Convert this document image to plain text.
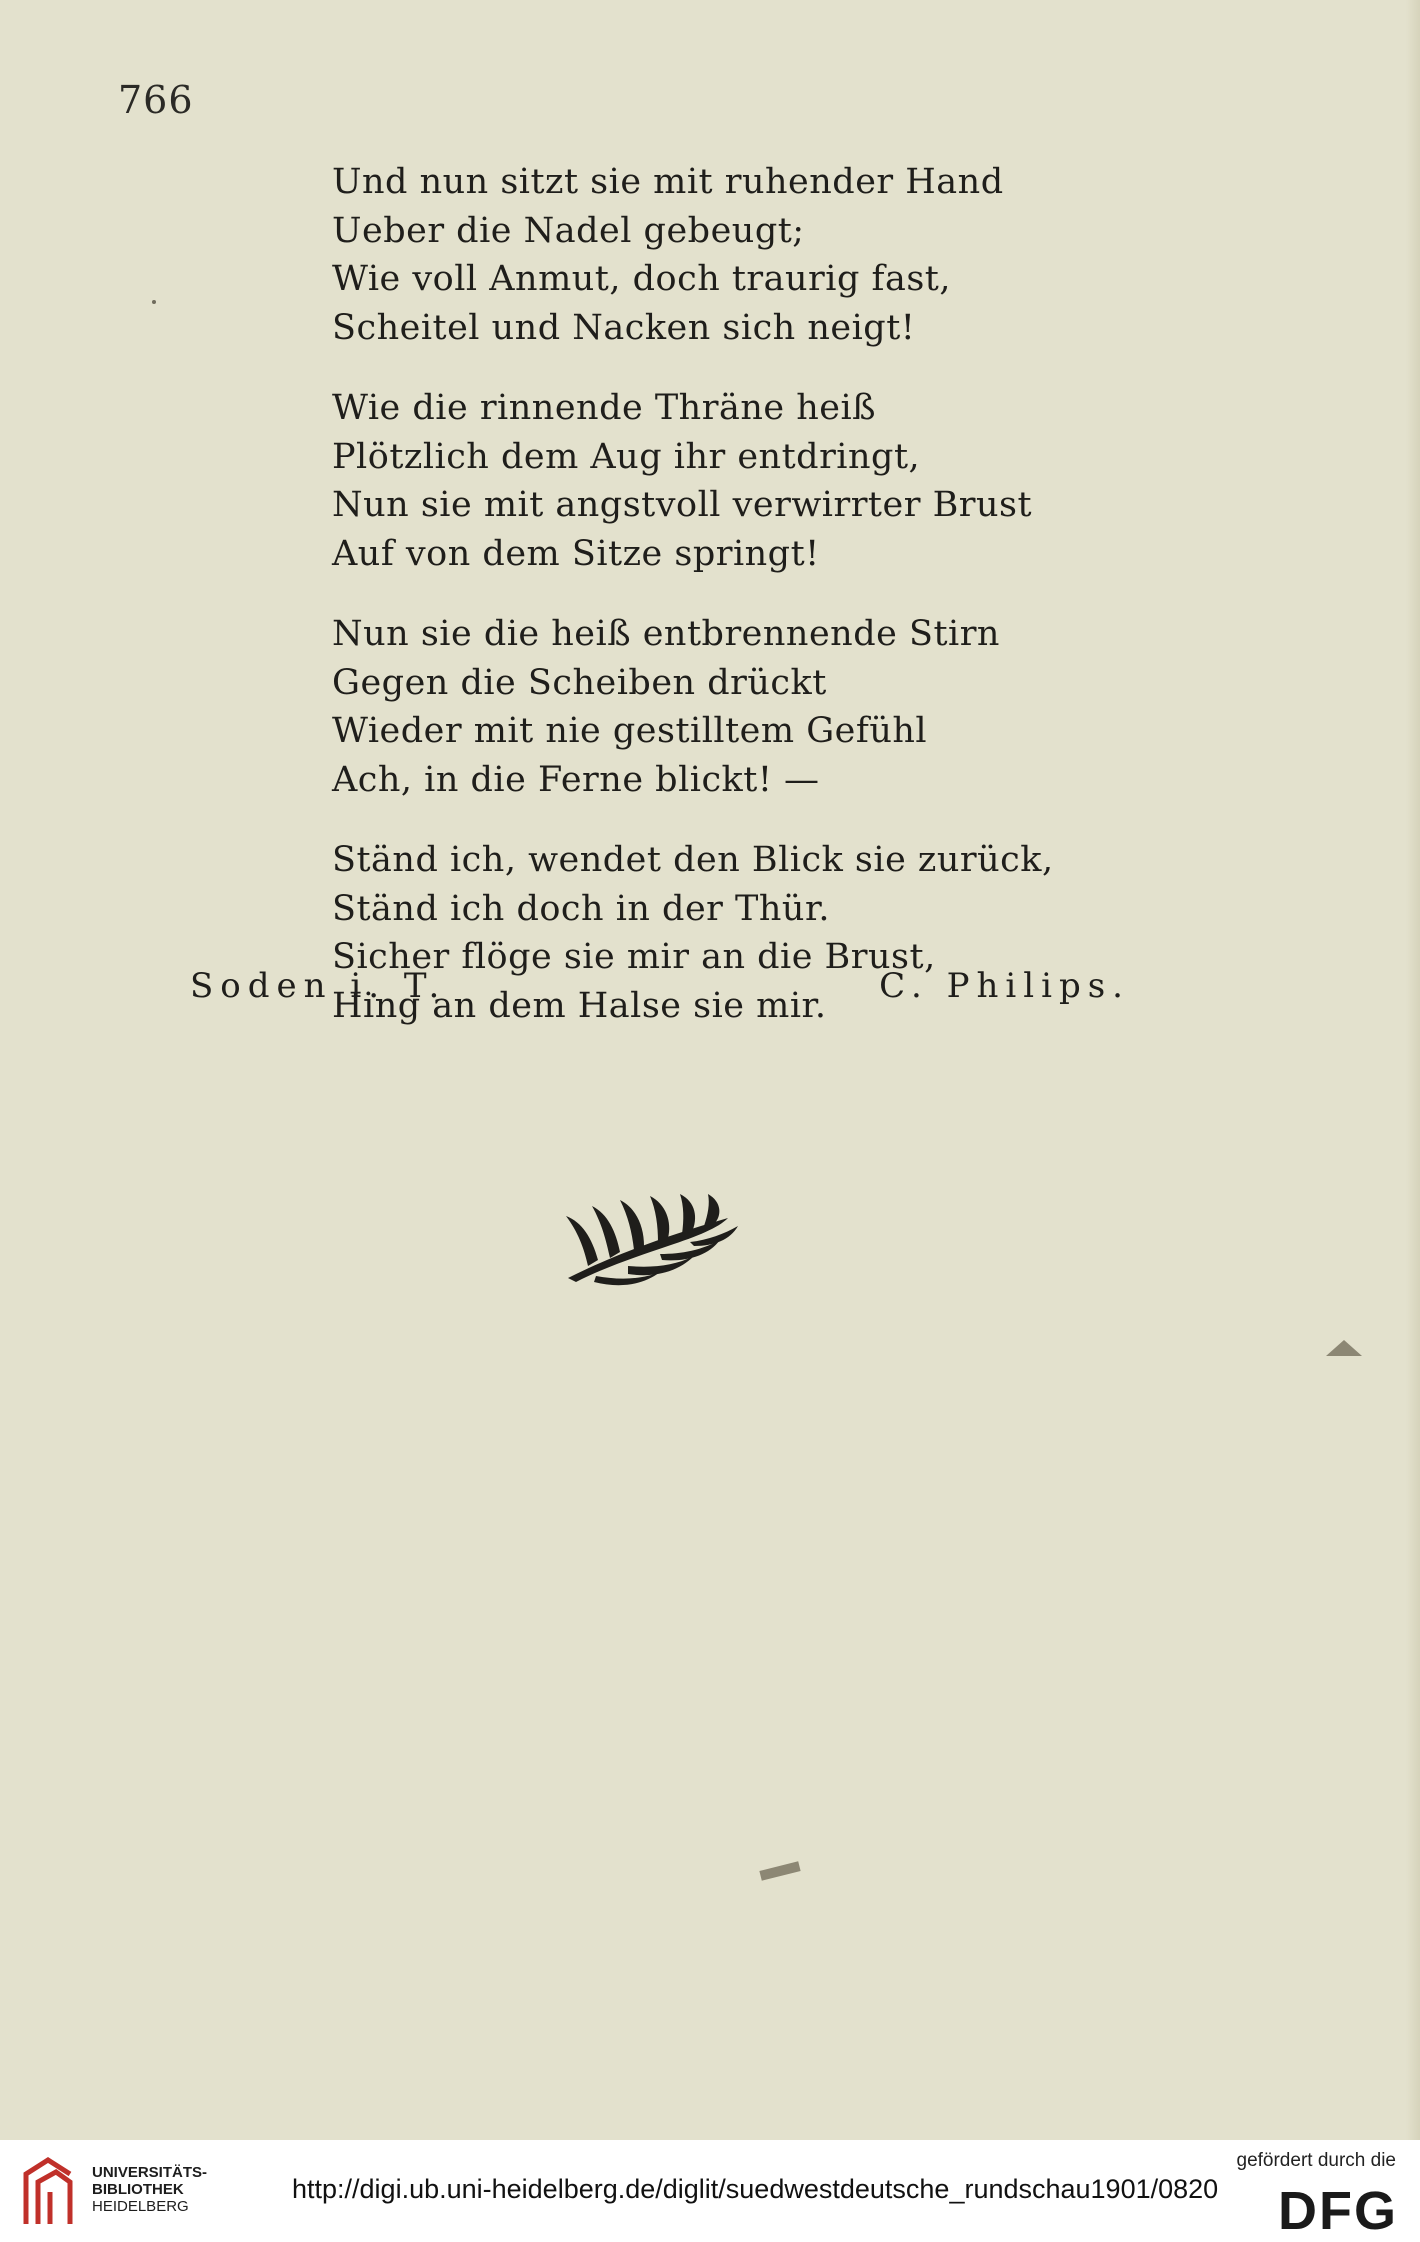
766
Und nun sitzt sie mit ruhender Hand
Ueber die Nadel gebeugt;
Wie voll Anmut, doch traurig fast,
Scheitel und Nacken sich neigt!
Wie die rinnende Thräne heiß
Plötzlich dem Aug ihr entdringt,
Nun sie mit angstvoll verwirrter Brust
Auf von dem Sitze springt!
Nun sie die heiß entbrennende Stirn
Gegen die Scheiben drückt
Wieder mit nie gestilltem Gefühl
Ach, in die Ferne blickt! —
Ständ ich, wendet den Blick sie zurück,
Ständ ich doch in der Thür.
Sicher flöge sie mir an die Brust,
Hing an dem Halse sie mir.
Soden i. T.	C. Philips.
UNIVERSITÄTS-
BIBLIOTHEK
HEIDELBERG
http://digi.ub.uni-heidelberg.de/diglit/suedwestdeutsche_rundschau1901/0820
gefördert durch die
DFG
